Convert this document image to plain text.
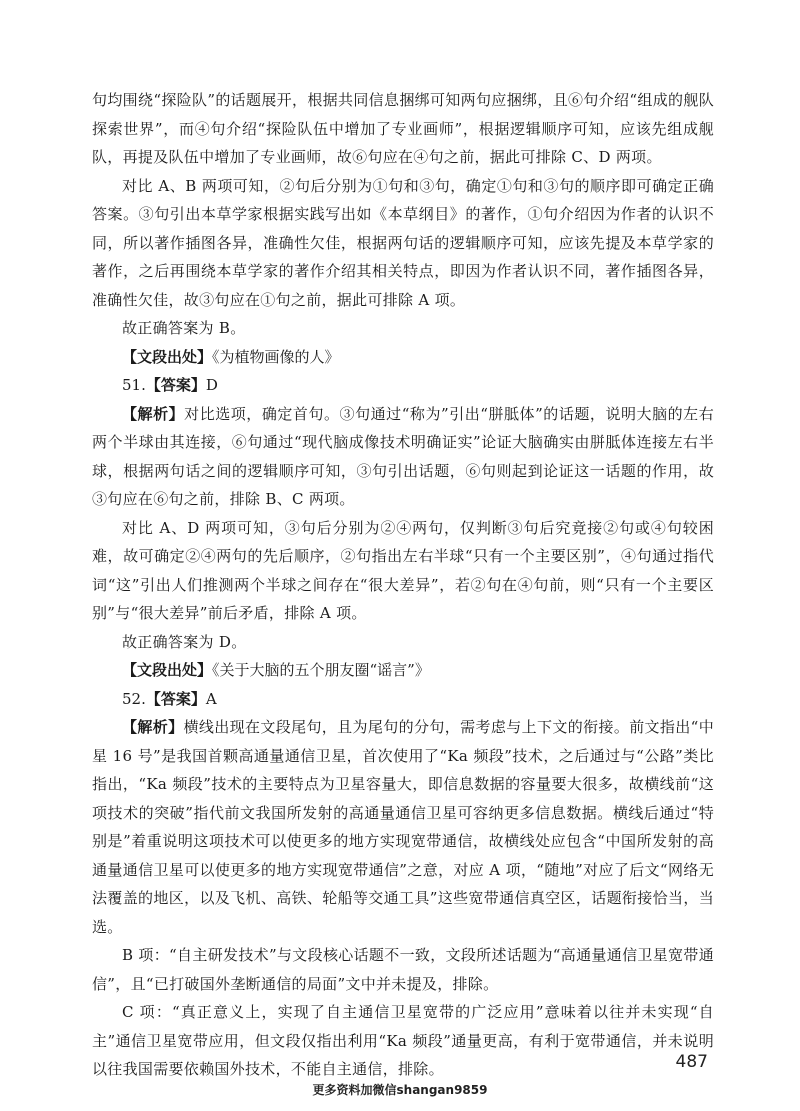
句均围绕“探险队”的话题展开，根据共同信息捆绑可知两句应捆绑，且⑥句介绍“组成的舰队探索世界”，而④句介绍“探险队伍中增加了专业画师”，根据逻辑顺序可知，应该先组成舰队，再提及队伍中增加了专业画师，故⑥句应在④句之前，据此可排除 C、D 两项。

对比 A、B 两项可知，②句后分别为①句和③句，确定①句和③句的顺序即可确定正确答案。③句引出本草学家根据实践写出如《本草纲目》的著作，①句介绍因为作者的认识不同，所以著作插图各异，准确性欠佳，根据两句话的逻辑顺序可知，应该先提及本草学家的著作，之后再围绕本草学家的著作介绍其相关特点，即因为作者认识不同，著作插图各异，准确性欠佳，故③句应在①句之前，据此可排除 A 项。

故正确答案为 B。

【文段出处】《为植物画像的人》

51.【答案】D

【解析】对比选项，确定首句。③句通过“称为”引出“胼胝体”的话题，说明大脑的左右两个半球由其连接，⑥句通过“现代脑成像技术明确证实”论证大脑确实由胼胝体连接左右半球，根据两句话之间的逻辑顺序可知，③句引出话题，⑥句则起到论证这一话题的作用，故③句应在⑥句之前，排除 B、C 两项。

对比 A、D 两项可知，③句后分别为②④两句，仅判断③句后究竟接②句或④句较困难，故可确定②④两句的先后顺序，②句指出左右半球“只有一个主要区别”，④句通过指代词“这”引出人们推测两个半球之间存在“很大差异”，若②句在④句前，则“只有一个主要区别”与“很大差异”前后矛盾，排除 A 项。

故正确答案为 D。

【文段出处】《关于大脑的五个朋友圈“谣言”》

52.【答案】A

【解析】横线出现在文段尾句，且为尾句的分句，需考虑与上下文的衔接。前文指出“中星 16 号”是我国首颗高通量通信卫星，首次使用了“Ka 频段”技术，之后通过与“公路”类比指出，“Ka 频段”技术的主要特点为卫星容量大，即信息数据的容量要大很多，故横线前“这项技术的突破”指代前文我国所发射的高通量通信卫星可容纳更多信息数据。横线后通过“特别是”着重说明这项技术可以使更多的地方实现宽带通信，故横线处应包含“中国所发射的高通量通信卫星可以使更多的地方实现宽带通信”之意，对应 A 项，“随地”对应了后文“网络无法覆盖的地区，以及飞机、高铁、轮船等交通工具”这些宽带通信真空区，话题衔接恰当，当选。

B 项：“自主研发技术”与文段核心话题不一致，文段所述话题为“高通量通信卫星宽带通信”，且“已打破国外垄断通信的局面”文中并未提及，排除。

C 项：“真正意义上，实现了自主通信卫星宽带的广泛应用”意味着以往并未实现“自主”通信卫星宽带应用，但文段仅指出利用“Ka 频段”通量更高，有利于宽带通信，并未说明以往我国需要依赖国外技术，不能自主通信，排除。	487
更多资料加微信shangan9859
